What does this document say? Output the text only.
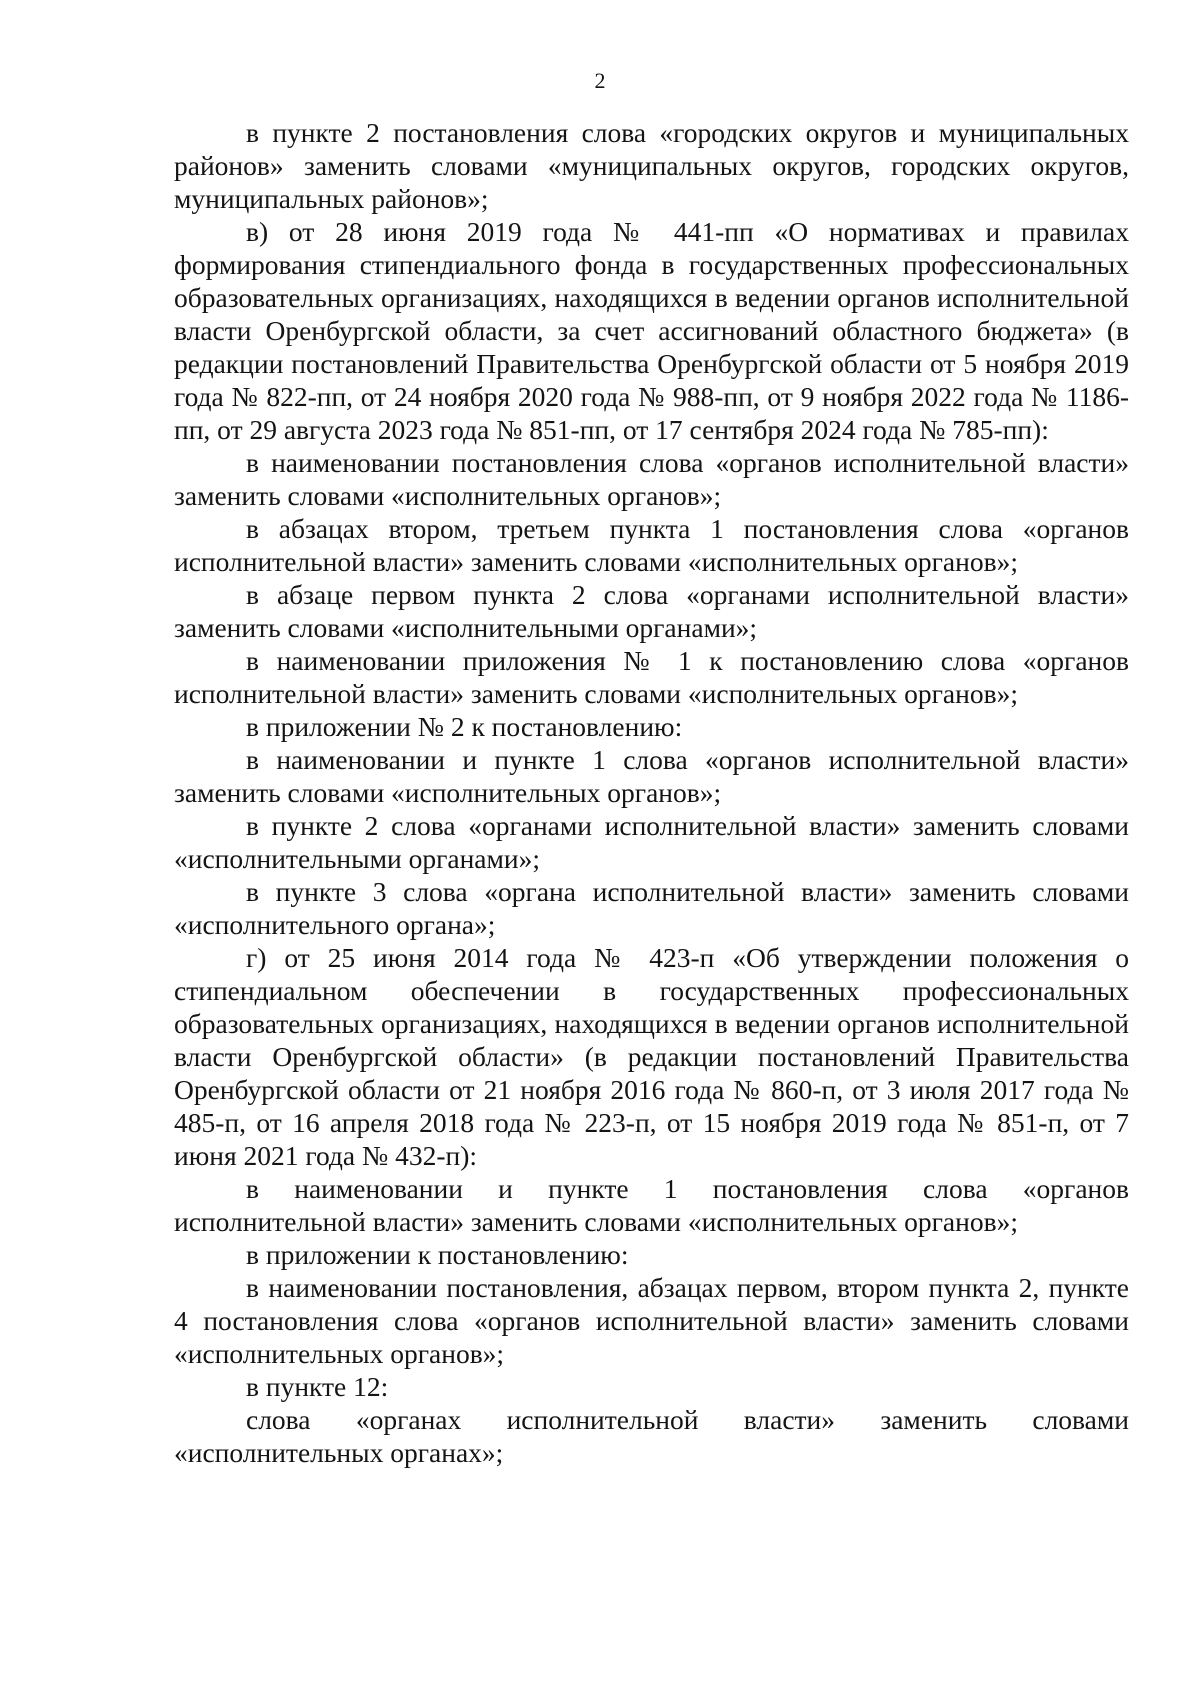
2

в пункте 2 постановления слова «городских округов и муниципальных районов» заменить словами «муниципальных округов, городских округов, муниципальных районов»;

в) от 28 июня 2019 года № 441-пп «О нормативах и правилах формирования стипендиального фонда в государственных профессиональных образовательных организациях, находящихся в ведении органов исполнительной власти Оренбургской области, за счет ассигнований областного бюджета» (в редакции постановлений Правительства Оренбургской области от 5 ноября 2019 года № 822-пп, от 24 ноября 2020 года № 988-пп, от 9 ноября 2022 года № 1186-пп, от 29 августа 2023 года № 851-пп, от 17 сентября 2024 года № 785-пп):

в наименовании постановления слова «органов исполнительной власти» заменить словами «исполнительных органов»;

в абзацах втором, третьем пункта 1 постановления слова «органов исполнительной власти» заменить словами «исполнительных органов»;

в абзаце первом пункта 2 слова «органами исполнительной власти» заменить словами «исполнительными органами»;

в наименовании приложения № 1 к постановлению слова «органов исполнительной власти» заменить словами «исполнительных органов»;

в приложении № 2 к постановлению:

в наименовании и пункте 1 слова «органов исполнительной власти» заменить словами «исполнительных органов»;

в пункте 2 слова «органами исполнительной власти» заменить словами «исполнительными органами»;

в пункте 3 слова «органа исполнительной власти» заменить словами «исполнительного органа»;

г) от 25 июня 2014 года № 423-п «Об утверждении положения о стипендиальном обеспечении в государственных профессиональных образовательных организациях, находящихся в ведении органов исполнительной власти Оренбургской области» (в редакции постановлений Правительства Оренбургской области от 21 ноября 2016 года № 860-п, от 3 июля 2017 года № 485-п, от 16 апреля 2018 года № 223-п, от 15 ноября 2019 года № 851-п, от 7 июня 2021 года № 432-п):

в наименовании и пункте 1 постановления слова «органов исполнительной власти» заменить словами «исполнительных органов»;

в приложении к постановлению:

в наименовании постановления, абзацах первом, втором пункта 2, пункте 4 постановления слова «органов исполнительной власти» заменить словами «исполнительных органов»;

в пункте 12:

слова «органах исполнительной власти» заменить словами «исполнительных органах»;
